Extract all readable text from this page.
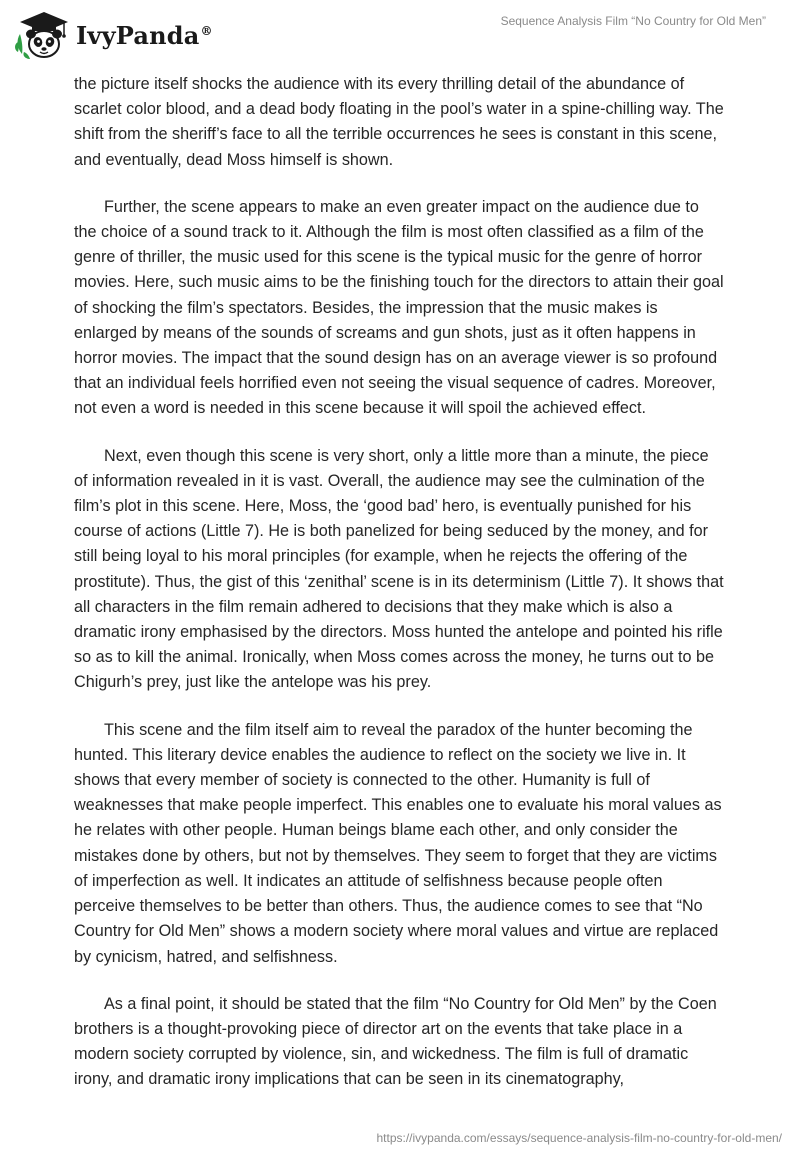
IvyPanda®
Sequence Analysis Film “No Country for Old Men”

the picture itself shocks the audience with its every thrilling detail of the abundance of scarlet color blood, and a dead body floating in the pool’s water in a spine-chilling way. The shift from the sheriff’s face to all the terrible occurrences he sees is constant in this scene, and eventually, dead Moss himself is shown.

Further, the scene appears to make an even greater impact on the audience due to the choice of a sound track to it. Although the film is most often classified as a film of the genre of thriller, the music used for this scene is the typical music for the genre of horror movies. Here, such music aims to be the finishing touch for the directors to attain their goal of shocking the film’s spectators. Besides, the impression that the music makes is enlarged by means of the sounds of screams and gun shots, just as it often happens in horror movies. The impact that the sound design has on an average viewer is so profound that an individual feels horrified even not seeing the visual sequence of cadres. Moreover, not even a word is needed in this scene because it will spoil the achieved effect.

Next, even though this scene is very short, only a little more than a minute, the piece of information revealed in it is vast. Overall, the audience may see the culmination of the film’s plot in this scene. Here, Moss, the ‘good bad’ hero, is eventually punished for his course of actions (Little 7). He is both panelized for being seduced by the money, and for still being loyal to his moral principles (for example, when he rejects the offering of the prostitute). Thus, the gist of this ‘zenithal’ scene is in its determinism (Little 7). It shows that all characters in the film remain adhered to decisions that they make which is also a dramatic irony emphasised by the directors. Moss hunted the antelope and pointed his rifle so as to kill the animal. Ironically, when Moss comes across the money, he turns out to be Chigurh’s prey, just like the antelope was his prey.

This scene and the film itself aim to reveal the paradox of the hunter becoming the hunted. This literary device enables the audience to reflect on the society we live in. It shows that every member of society is connected to the other. Humanity is full of weaknesses that make people imperfect. This enables one to evaluate his moral values as he relates with other people. Human beings blame each other, and only consider the mistakes done by others, but not by themselves. They seem to forget that they are victims of imperfection as well. It indicates an attitude of selfishness because people often perceive themselves to be better than others. Thus, the audience comes to see that “No Country for Old Men” shows a modern society where moral values and virtue are replaced by cynicism, hatred, and selfishness.

As a final point, it should be stated that the film “No Country for Old Men” by the Coen brothers is a thought-provoking piece of director art on the events that take place in a modern society corrupted by violence, sin, and wickedness. The film is full of dramatic irony, and dramatic irony implications that can be seen in its cinematography,

https://ivypanda.com/essays/sequence-analysis-film-no-country-for-old-men/
